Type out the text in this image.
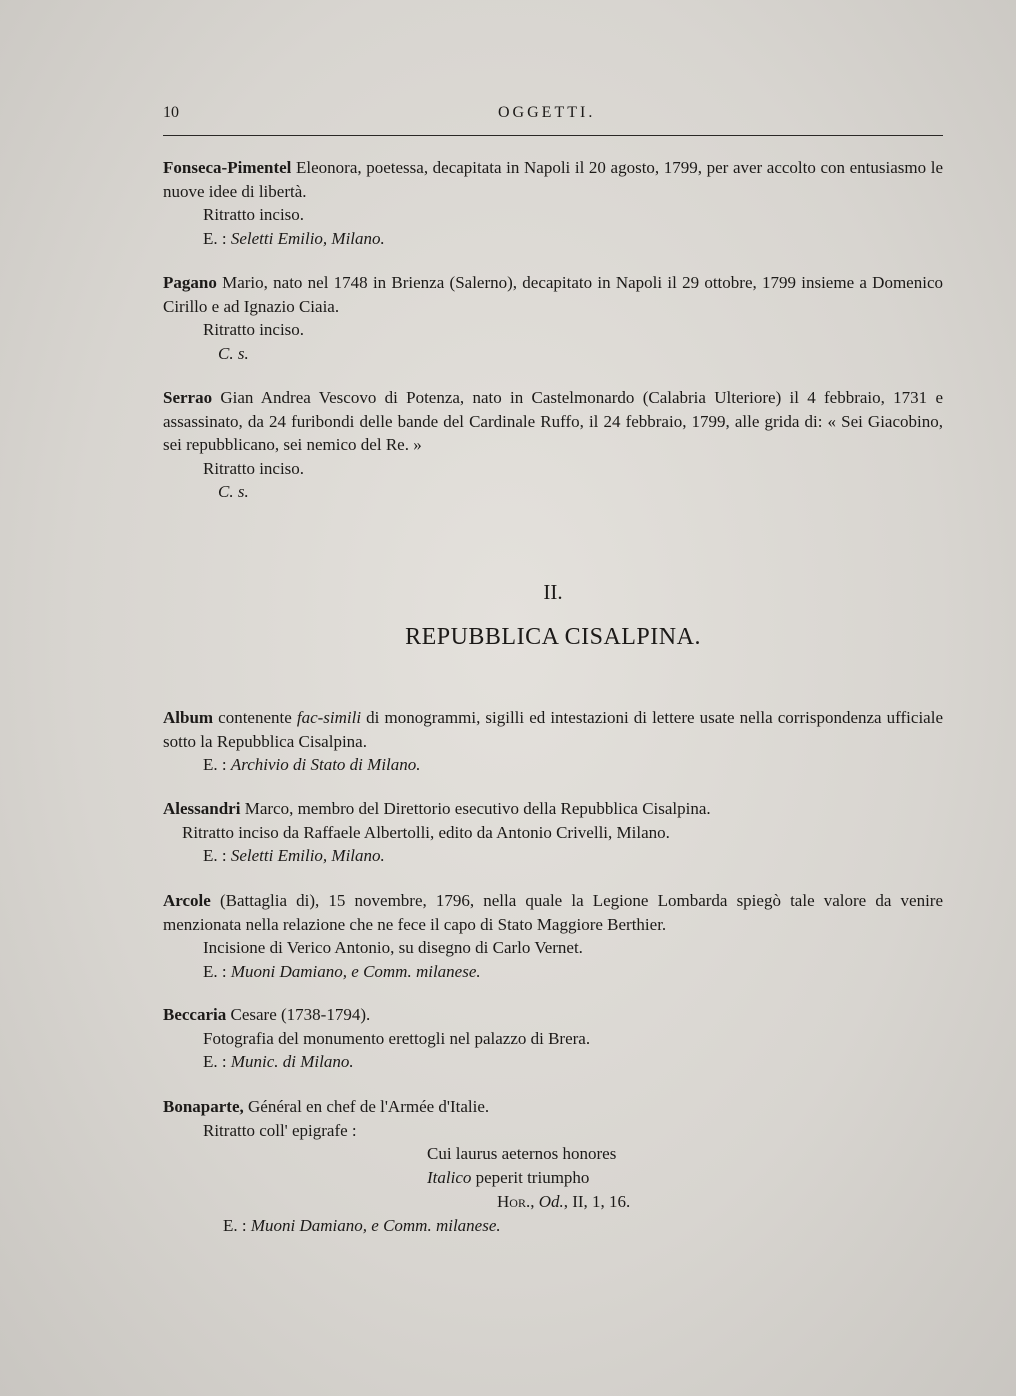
10	OGGETTI.

Fonseca-Pimentel Eleonora, poetessa, decapitata in Napoli il 20 agosto, 1799, per aver accolto con entusiasmo le nuove idee di libertà.

Ritratto inciso.

E. : Seletti Emilio, Milano.

Pagano Mario, nato nel 1748 in Brienza (Salerno), decapitato in Napoli il 29 ottobre, 1799 insieme a Domenico Cirillo e ad Ignazio Ciaia.

Ritratto inciso.

C. s.

Serrao Gian Andrea Vescovo di Potenza, nato in Castelmonardo (Calabria Ulteriore) il 4 febbraio, 1731 e assassinato, da 24 furibondi delle bande del Cardinale Ruffo, il 24 febbraio, 1799, alle grida di: « Sei Giacobino, sei repubblicano, sei nemico del Re. »

Ritratto inciso.

C. s.

II.
REPUBBLICA CISALPINA.

Album contenente fac-simili di monogrammi, sigilli ed intestazioni di lettere usate nella corrispondenza ufficiale sotto la Repubblica Cisalpina.

E. : Archivio di Stato di Milano.

Alessandri Marco, membro del Direttorio esecutivo della Repubblica Cisalpina.

Ritratto inciso da Raffaele Albertolli, edito da Antonio Crivelli, Milano.

E. : Seletti Emilio, Milano.

Arcole (Battaglia di), 15 novembre, 1796, nella quale la Legione Lombarda spiegò tale valore da venire menzionata nella relazione che ne fece il capo di Stato Maggiore Berthier.

Incisione di Verico Antonio, su disegno di Carlo Vernet.

E. : Muoni Damiano, e Comm. milanese.

Beccaria Cesare (1738-1794).

Fotografia del monumento erettogli nel palazzo di Brera.

E. : Munic. di Milano.

Bonaparte, Général en chef de l'Armée d'Italie.

Ritratto coll' epigrafe :

Cui laurus aeternos honores
Italico peperit triumpho
Hor., Od., II, 1, 16.
E. : Muoni Damiano, e Comm. milanese.
